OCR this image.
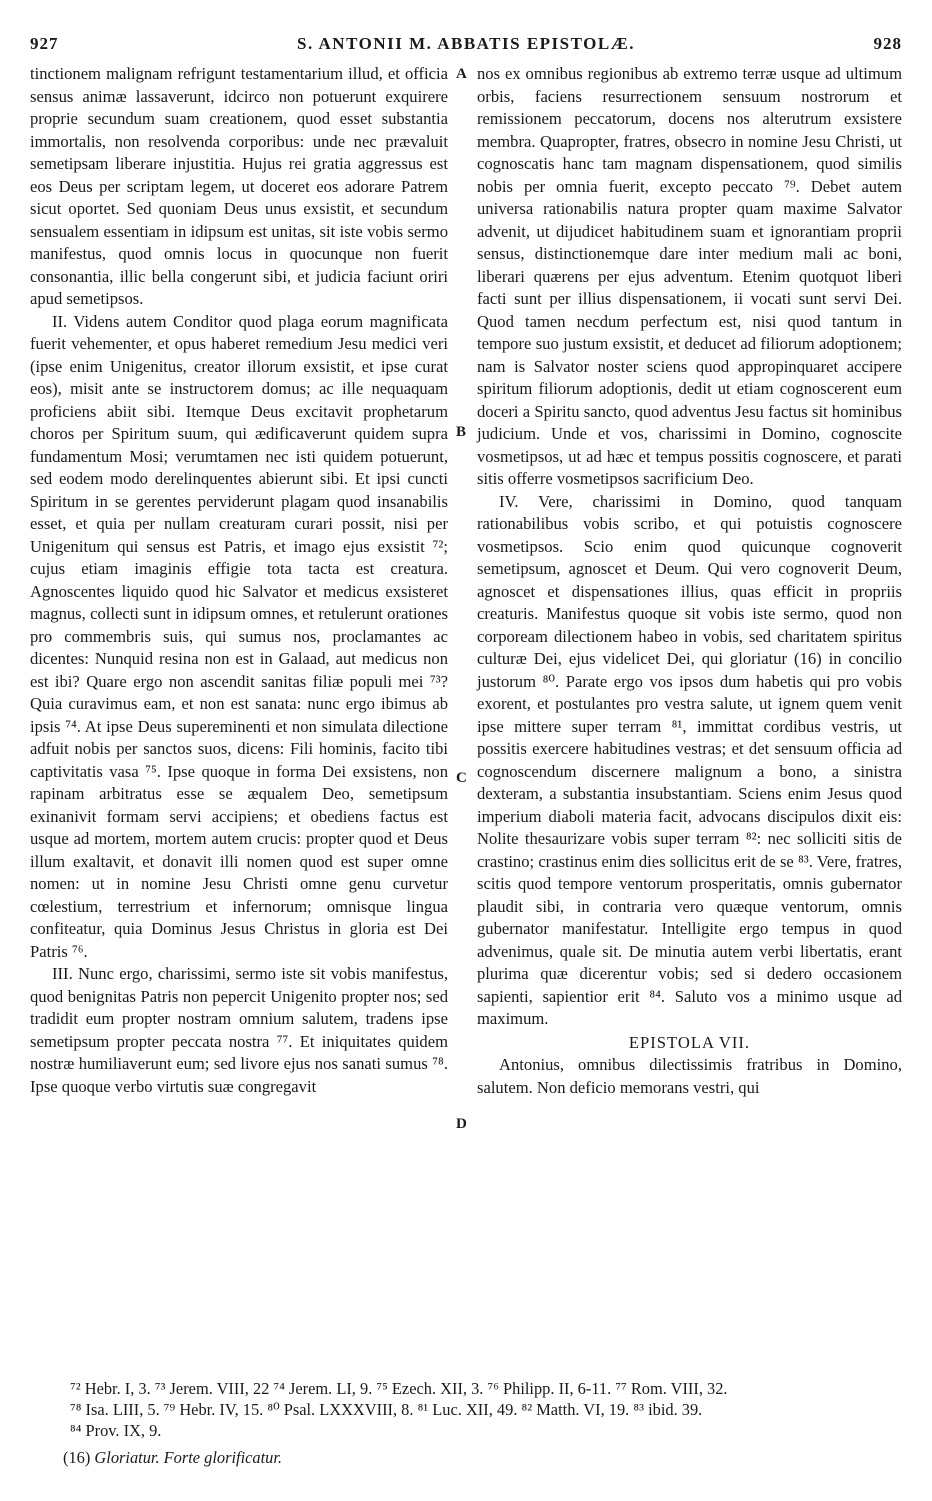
927	S. ANTONII M. ABBATIS EPISTOLÆ.	928

tinctionem malignam refrigunt testamentarium illud, et officia sensus animæ lassaverunt, idcirco non potuerunt exquirere proprie secundum suam creationem, quod esset substantia immortalis, non resolvenda corporibus: unde nec prævaluit semetipsam liberare injustitia. Hujus rei gratia aggressus est eos Deus per scriptam legem, ut doceret eos adorare Patrem sicut oportet. Sed quoniam Deus unus exsistit, et secundum sensualem essentiam in idipsum est unitas, sit iste vobis sermo manifestus, quod omnis locus in quocunque non fuerit consonantia, illic bella congerunt sibi, et judicia faciunt oriri apud semetipsos.

II. Videns autem Conditor quod plaga eorum magnificata fuerit vehementer, et opus haberet remedium Jesu medici veri (ipse enim Unigenitus, creator illorum exsistit, et ipse curat eos), misit ante se instructorem domus; ac ille nequaquam proficiens abiit sibi. Itemque Deus excitavit prophetarum choros per Spiritum suum, qui ædificaverunt quidem supra fundamentum Mosi; verumtamen nec isti quidem potuerunt, sed eodem modo derelinquentes abierunt sibi. Et ipsi cuncti Spiritum in se gerentes perviderunt plagam quod insanabilis esset, et quia per nullam creaturam curari possit, nisi per Unigenitum qui sensus est Patris, et imago ejus exsistit ⁷²; cujus etiam imaginis effigie tota tacta est creatura. Agnoscentes liquido quod hic Salvator et medicus exsisteret magnus, collecti sunt in idipsum omnes, et retulerunt orationes pro commembris suis, qui sumus nos, proclamantes ac dicentes: Nunquid resina non est in Galaad, aut medicus non est ibi? Quare ergo non ascendit sanitas filiæ populi mei ⁷³? Quia curavimus eam, et non est sanata: nunc ergo ibimus ab ipsis ⁷⁴. At ipse Deus supereminenti et non simulata dilectione adfuit nobis per sanctos suos, dicens: Fili hominis, facito tibi captivitatis vasa ⁷⁵. Ipse quoque in forma Dei exsistens, non rapinam arbitratus esse se æqualem Deo, semetipsum exinanivit formam servi accipiens; et obediens factus est usque ad mortem, mortem autem crucis: propter quod et Deus illum exaltavit, et donavit illi nomen quod est super omne nomen: ut in nomine Jesu Christi omne genu curvetur cœlestium, terrestrium et infernorum; omnisque lingua confiteatur, quia Dominus Jesus Christus in gloria est Dei Patris ⁷⁶.

III. Nunc ergo, charissimi, sermo iste sit vobis manifestus, quod benignitas Patris non pepercit Unigenito propter nos; sed tradidit eum propter nostram omnium salutem, tradens ipse semetipsum propter peccata nostra ⁷⁷. Et iniquitates quidem nostræ humiliaverunt eum; sed livore ejus nos sanati sumus ⁷⁸. Ipse quoque verbo virtutis suæ congregavit

A
B
C
D

nos ex omnibus regionibus ab extremo terræ usque ad ultimum orbis, faciens resurrectionem sensuum nostrorum et remissionem peccatorum, docens nos alterutrum exsistere membra. Quapropter, fratres, obsecro in nomine Jesu Christi, ut cognoscatis hanc tam magnam dispensationem, quod similis nobis per omnia fuerit, excepto peccato ⁷⁹. Debet autem universa rationabilis natura propter quam maxime Salvator advenit, ut dijudicet habitudinem suam et ignorantiam proprii sensus, distinctionemque dare inter medium mali ac boni, liberari quærens per ejus adventum. Etenim quotquot liberi facti sunt per illius dispensationem, ii vocati sunt servi Dei. Quod tamen necdum perfectum est, nisi quod tantum in tempore suo justum exsistit, et deducet ad filiorum adoptionem; nam is Salvator noster sciens quod appropinquaret accipere spiritum filiorum adoptionis, dedit ut etiam cognoscerent eum doceri a Spiritu sancto, quod adventus Jesu factus sit hominibus judicium. Unde et vos, charissimi in Domino, cognoscite vosmetipsos, ut ad hæc et tempus possitis cognoscere, et parati sitis offerre vosmetipsos sacrificium Deo.

IV. Vere, charissimi in Domino, quod tanquam rationabilibus vobis scribo, et qui potuistis cognoscere vosmetipsos. Scio enim quod quicunque cognoverit semetipsum, agnoscet et Deum. Qui vero cognoverit Deum, agnoscet et dispensationes illius, quas efficit in propriis creaturis. Manifestus quoque sit vobis iste sermo, quod non corpoream dilectionem habeo in vobis, sed charitatem spiritus culturæ Dei, ejus videlicet Dei, qui gloriatur (16) in concilio justorum ⁸⁰. Parate ergo vos ipsos dum habetis qui pro vobis exorent, et postulantes pro vestra salute, ut ignem quem venit ipse mittere super terram ⁸¹, immittat cordibus vestris, ut possitis exercere habitudines vestras; et det sensuum officia ad cognoscendum discernere malignum a bono, a sinistra dexteram, a substantia insubstantiam. Sciens enim Jesus quod imperium diaboli materia facit, advocans discipulos dixit eis: Nolite thesaurizare vobis super terram ⁸²: nec solliciti sitis de crastino; crastinus enim dies sollicitus erit de se ⁸³. Vere, fratres, scitis quod tempore ventorum prosperitatis, omnis gubernator plaudit sibi, in contraria vero quæque ventorum, omnis gubernator manifestatur. Intelligite ergo tempus in quod advenimus, quale sit. De minutia autem verbi libertatis, erant plurima quæ dicerentur vobis; sed si dedero occasionem sapienti, sapientior erit ⁸⁴. Saluto vos a minimo usque ad maximum.

EPISTOLA VII.

Antonius, omnibus dilectissimis fratribus in Domino, salutem. Non deficio memorans vestri, qui

⁷² Hebr. I, 3. ⁷³ Jerem. VIII, 22 ⁷⁴ Jerem. LI, 9. ⁷⁵ Ezech. XII, 3. ⁷⁶ Philipp. II, 6-11. ⁷⁷ Rom. VIII, 32.
⁷⁸ Isa. LIII, 5. ⁷⁹ Hebr. IV, 15. ⁸⁰ Psal. LXXXVIII, 8. ⁸¹ Luc. XII, 49. ⁸² Matth. VI, 19. ⁸³ ibid. 39.
⁸⁴ Prov. IX, 9.
(16) Gloriatur. Forte glorificatur.
